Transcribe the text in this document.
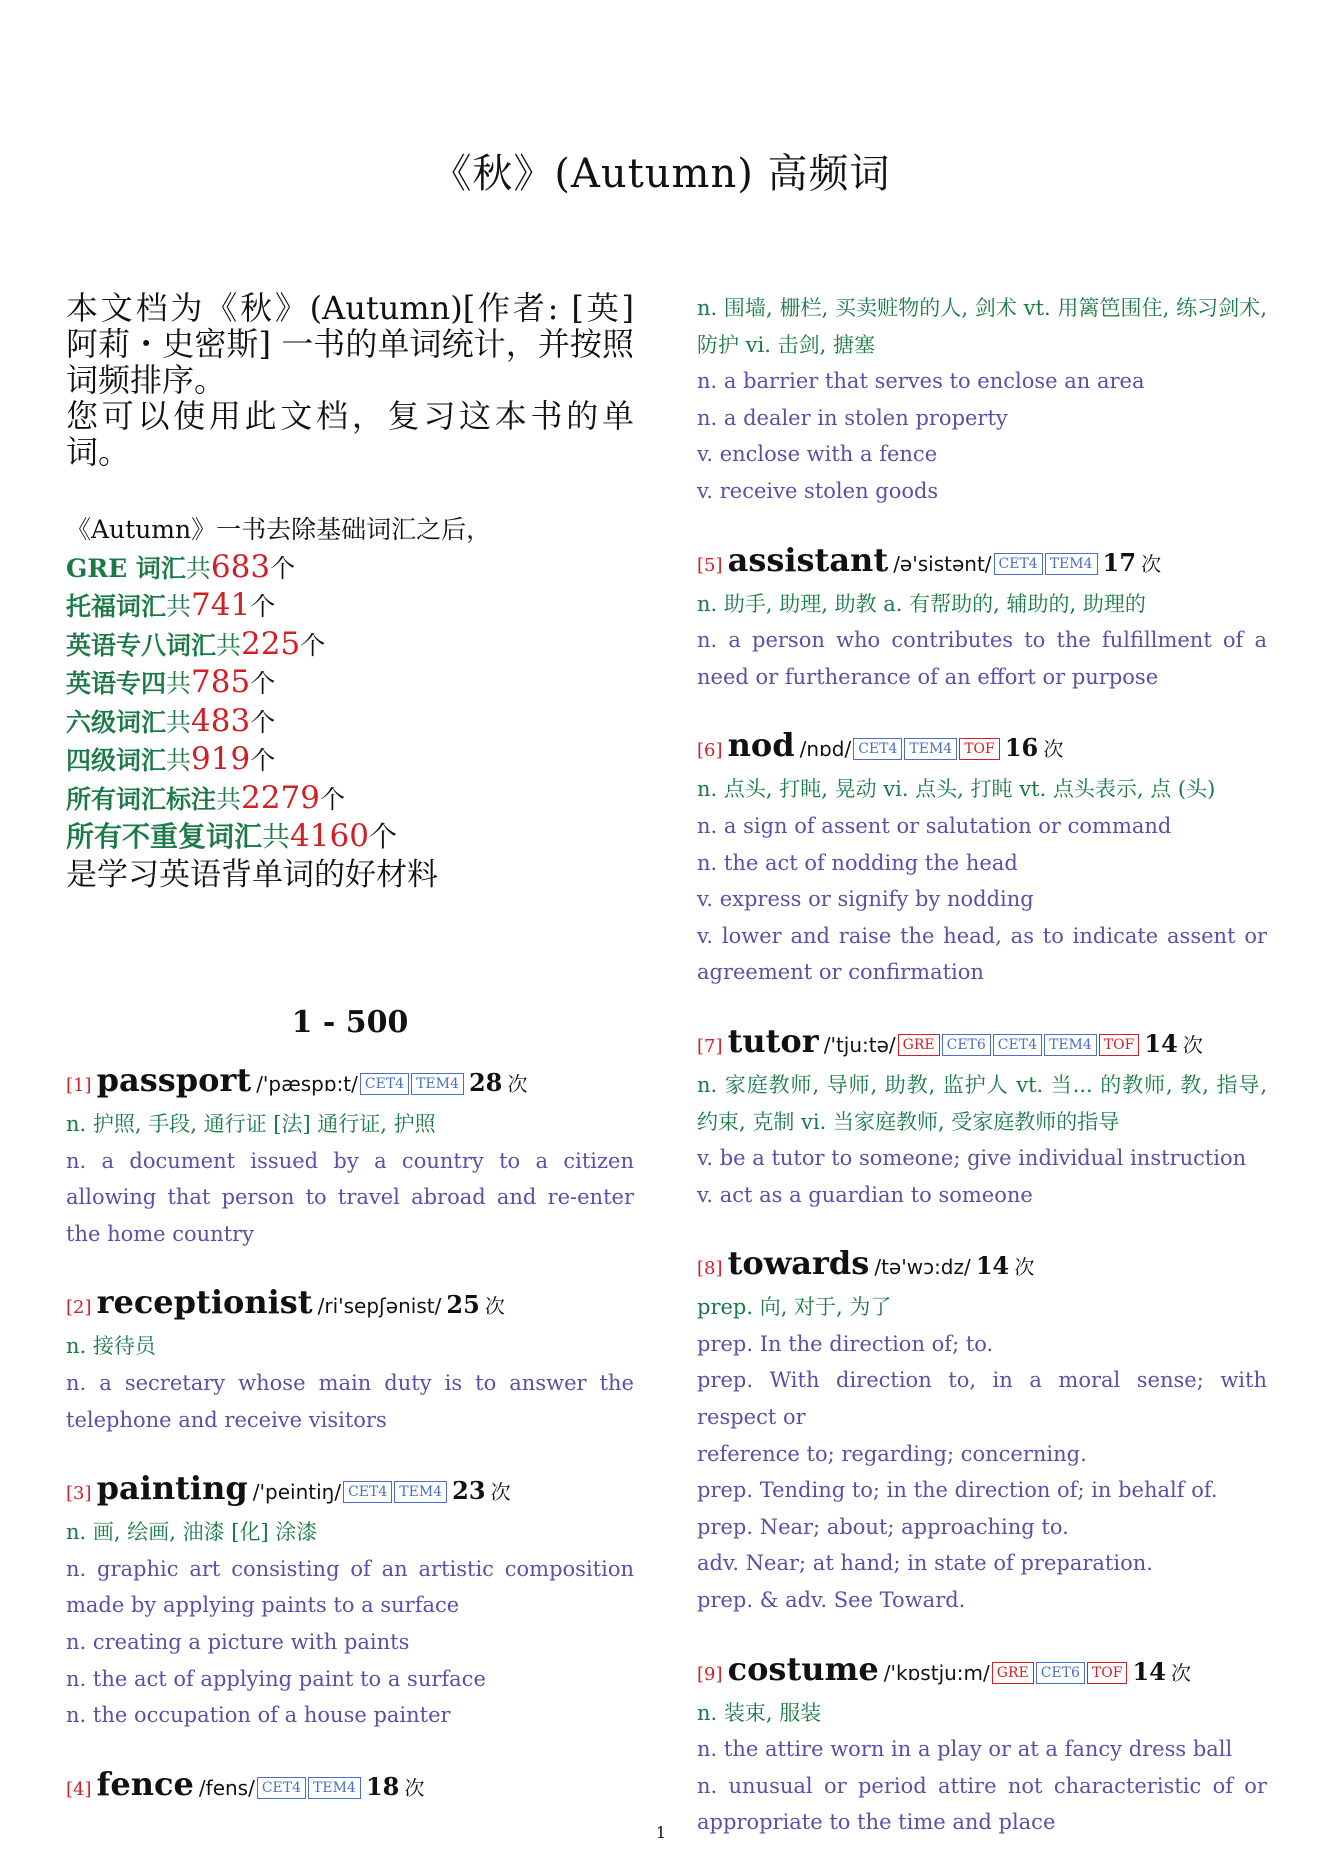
《秋》(Autumn) 高频词

本文档为《秋》(Autumn)[作者: [英] 阿莉・史密斯] 一书的单词统计，并按照词频排序。

您可以使用此文档，复习这本书的单词。

《Autumn》一书去除基础词汇之后，
GRE 词汇共683个
托福词汇共741个
英语专八词汇共225个
英语专四共785个
六级词汇共483个
四级词汇共919个
所有词汇标注共2279个
所有不重复词汇共4160个
是学习英语背单词的好材料
1 - 500
[1] passport /'pæspɒ:t/ CET4 TEM4 28 次
n. 护照, 手段, 通行证 [法] 通行证, 护照
n. a document issued by a country to a citizen allowing that person to travel abroad and re-enter the home country
[2] receptionist /ri'sepʃənist/ 25 次
n. 接待员
n. a secretary whose main duty is to answer the telephone and receive visitors
[3] painting /'peintiŋ/ CET4 TEM4 23 次
n. 画, 绘画, 油漆 [化] 涂漆
n. graphic art consisting of an artistic composition made by applying paints to a surface
n. creating a picture with paints
n. the act of applying paint to a surface
n. the occupation of a house painter
[4] fence /fens/ CET4 TEM4 18 次
n. 围墙, 栅栏, 买卖赃物的人, 剑术 vt. 用篱笆围住, 练习剑术, 防护 vi. 击剑, 搪塞
n. a barrier that serves to enclose an area
n. a dealer in stolen property
v. enclose with a fence
v. receive stolen goods
[5] assistant /ə'sistənt/ CET4 TEM4 17 次
n. 助手, 助理, 助教 a. 有帮助的, 辅助的, 助理的
n. a person who contributes to the fulfillment of a need or furtherance of an effort or purpose
[6] nod /nɒd/ CET4 TEM4 TOF 16 次
n. 点头, 打盹, 晃动 vi. 点头, 打盹 vt. 点头表示, 点 (头)
n. a sign of assent or salutation or command
n. the act of nodding the head
v. express or signify by nodding
v. lower and raise the head, as to indicate assent or agreement or confirmation
[7] tutor /'tju:tə/ GRE CET6 CET4 TEM4 TOF 14 次
n. 家庭教师, 导师, 助教, 监护人 vt. 当... 的教师, 教, 指导, 约束, 克制 vi. 当家庭教师, 受家庭教师的指导
v. be a tutor to someone; give individual instruction
v. act as a guardian to someone
[8] towards /tə'wɔ:dz/ 14 次
prep. 向, 对于, 为了
prep. In the direction of; to.
prep. With direction to, in a moral sense; with respect or
reference to; regarding; concerning.
prep. Tending to; in the direction of; in behalf of.
prep. Near; about; approaching to.
adv. Near; at hand; in state of preparation.
prep. & adv. See Toward.
[9] costume /'kɒstju:m/ GRE CET6 TOF 14 次
n. 装束, 服装
n. the attire worn in a play or at a fancy dress ball
n. unusual or period attire not characteristic of or appropriate to the time and place
1
